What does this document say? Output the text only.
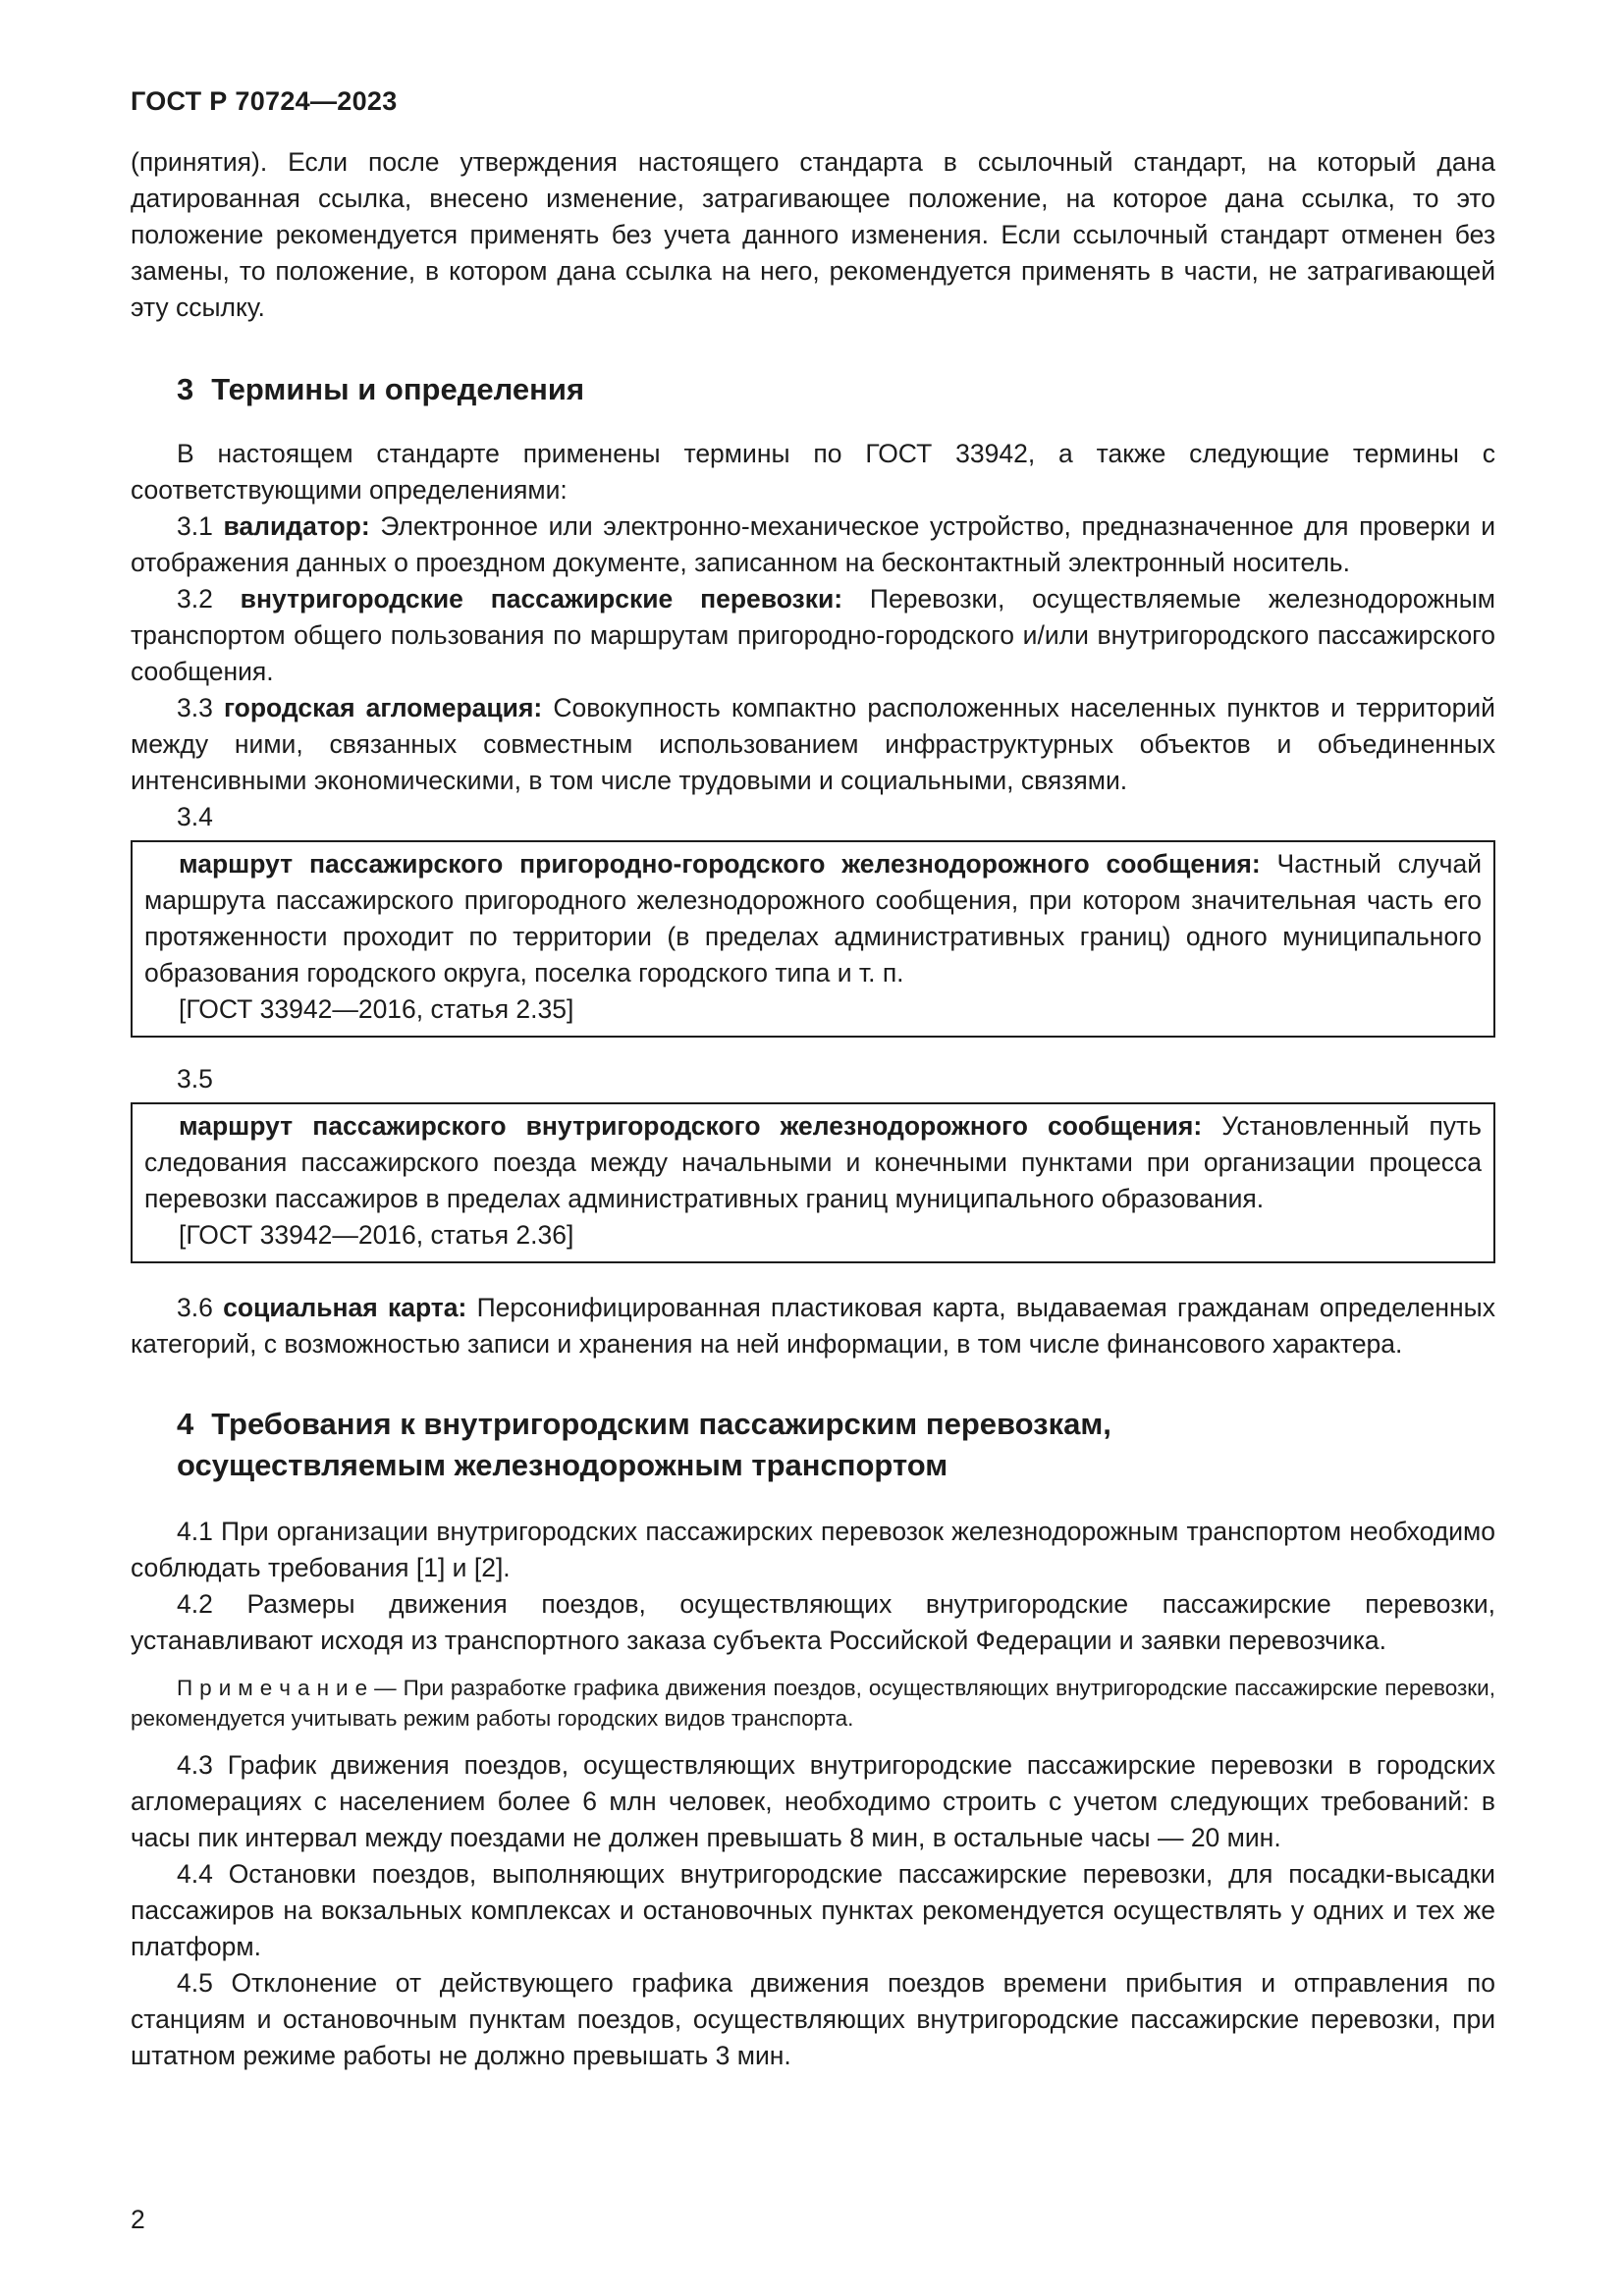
ГОСТ Р 70724—2023

(принятия). Если после утверждения настоящего стандарта в ссылочный стандарт, на который дана датированная ссылка, внесено изменение, затрагивающее положение, на которое дана ссылка, то это положение рекомендуется применять без учета данного изменения. Если ссылочный стандарт отменен без замены, то положение, в котором дана ссылка на него, рекомендуется применять в части, не затрагивающей эту ссылку.

3 Термины и определения

В настоящем стандарте применены термины по ГОСТ 33942, а также следующие термины с соответствующими определениями:

3.1 валидатор: Электронное или электронно-механическое устройство, предназначенное для проверки и отображения данных о проездном документе, записанном на бесконтактный электронный носитель.

3.2 внутригородские пассажирские перевозки: Перевозки, осуществляемые железнодорожным транспортом общего пользования по маршрутам пригородно-городского и/или внутригородского пассажирского сообщения.

3.3 городская агломерация: Совокупность компактно расположенных населенных пунктов и территорий между ними, связанных совместным использованием инфраструктурных объектов и объединенных интенсивными экономическими, в том числе трудовыми и социальными, связями.

3.4

маршрут пассажирского пригородно-городского железнодорожного сообщения: Частный случай маршрута пассажирского пригородного железнодорожного сообщения, при котором значительная часть его протяженности проходит по территории (в пределах административных границ) одного муниципального образования городского округа, поселка городского типа и т. п.

[ГОСТ 33942—2016, статья 2.35]

3.5

маршрут пассажирского внутригородского железнодорожного сообщения: Установленный путь следования пассажирского поезда между начальными и конечными пунктами при организации процесса перевозки пассажиров в пределах административных границ муниципального образования.

[ГОСТ 33942—2016, статья 2.36]

3.6 социальная карта: Персонифицированная пластиковая карта, выдаваемая гражданам определенных категорий, с возможностью записи и хранения на ней информации, в том числе финансового характера.

4 Требования к внутригородским пассажирским перевозкам,
осуществляемым железнодорожным транспортом

4.1 При организации внутригородских пассажирских перевозок железнодорожным транспортом необходимо соблюдать требования [1] и [2].

4.2 Размеры движения поездов, осуществляющих внутригородские пассажирские перевозки, устанавливают исходя из транспортного заказа субъекта Российской Федерации и заявки перевозчика.

П р и м е ч а н и е — При разработке графика движения поездов, осуществляющих внутригородские пассажирские перевозки, рекомендуется учитывать режим работы городских видов транспорта.

4.3 График движения поездов, осуществляющих внутригородские пассажирские перевозки в городских агломерациях с населением более 6 млн человек, необходимо строить с учетом следующих требований: в часы пик интервал между поездами не должен превышать 8 мин, в остальные часы — 20 мин.

4.4 Остановки поездов, выполняющих внутригородские пассажирские перевозки, для посадки-высадки пассажиров на вокзальных комплексах и остановочных пунктах рекомендуется осуществлять у одних и тех же платформ.

4.5 Отклонение от действующего графика движения поездов времени прибытия и отправления по станциям и остановочным пунктам поездов, осуществляющих внутригородские пассажирские перевозки, при штатном режиме работы не должно превышать 3 мин.

2
